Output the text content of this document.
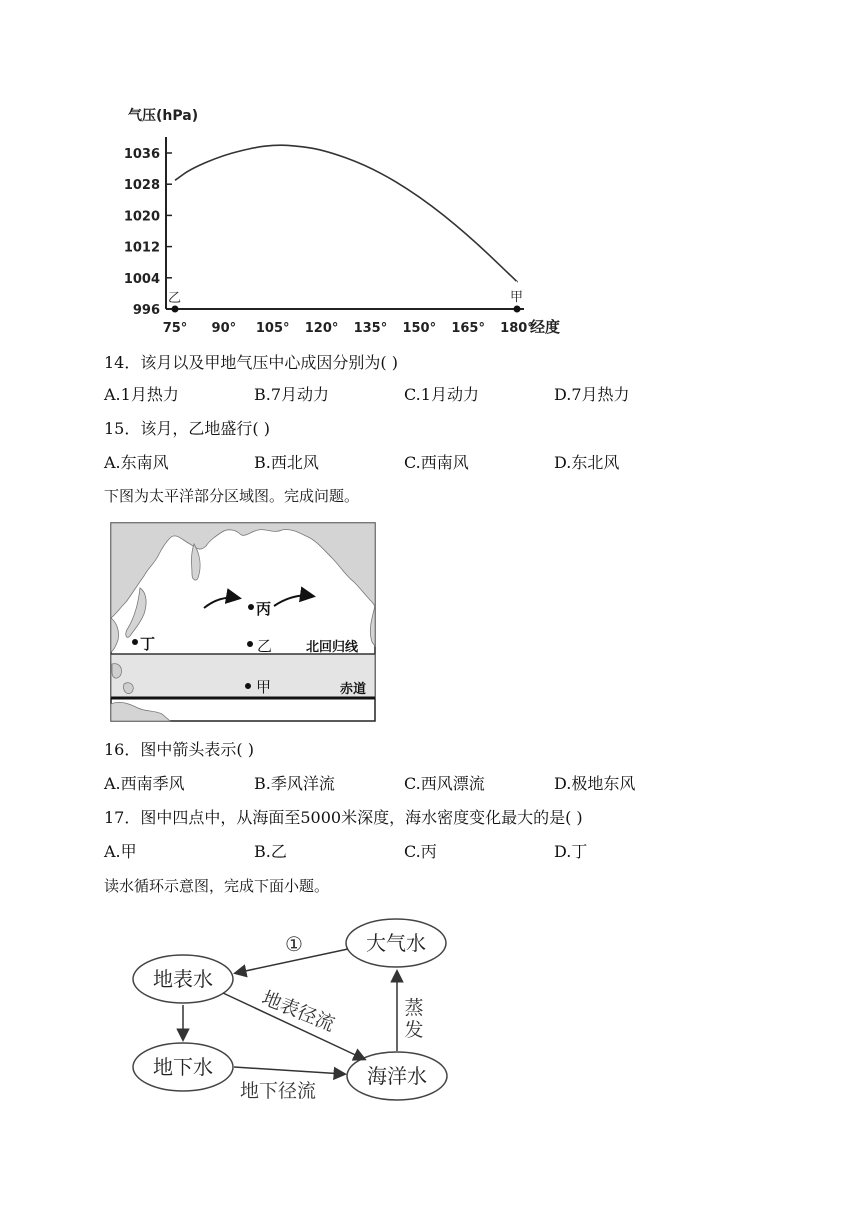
气压(hPa)
1036
1028
1020
1012
1004
996
75° 90° 105° 120° 135° 150° 165° 180°
乙	甲
经度
14．该月以及甲地气压中心成因分别为( )
A.1月热力	B.7月动力	C.1月动力	D.7月热力
15．该月，乙地盛行( )
A.东南风	B.西北风	C.西南风	D.东北风
下图为太平洋部分区域图。完成问题。
丙
乙
丁
甲
北回归线
赤道
16．图中箭头表示( )
A.西南季风	B.季风洋流	C.西风漂流	D.极地东风
17．图中四点中，从海面至5000米深度，海水密度变化最大的是( )
A.甲	B.乙	C.丙	D.丁
读水循环示意图，完成下面小题。
大气水
地表水
地下水	海洋水
①
地表径流	蒸
发
地下径流
